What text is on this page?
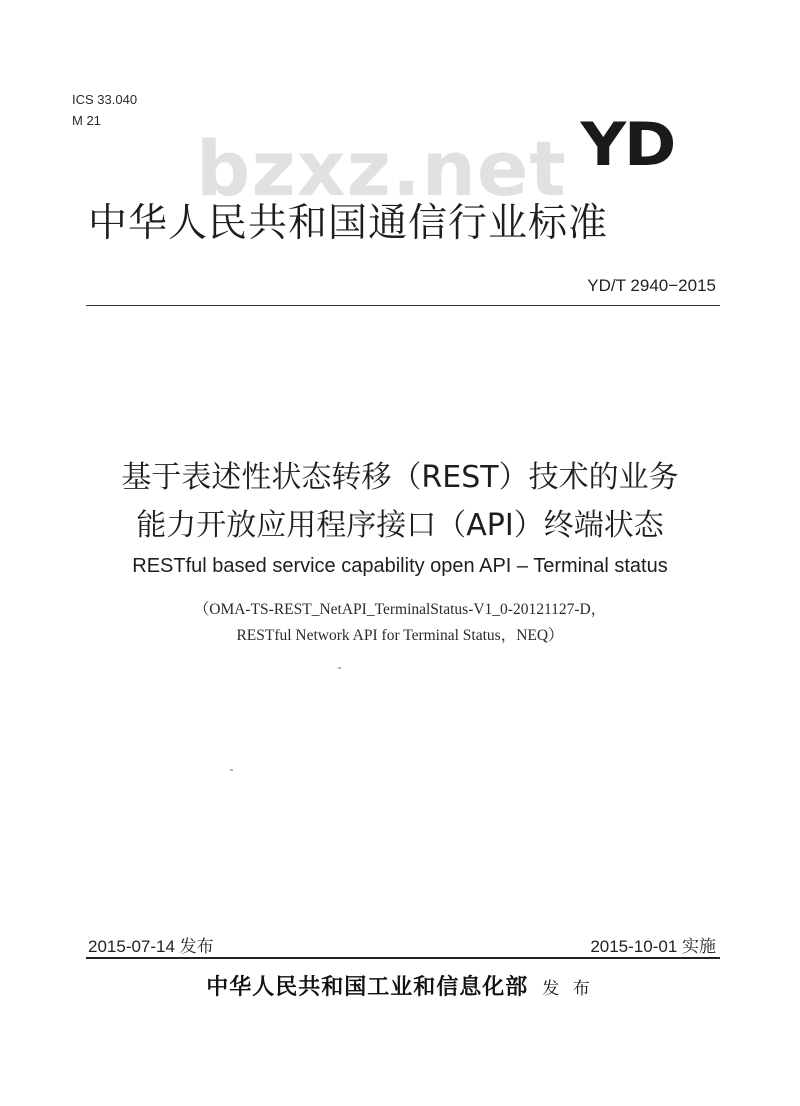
ICS 33.040
M 21
bzxz.net YD
中华人民共和国通信行业标准
YD/T 2940−2015
基于表述性状态转移（REST）技术的业务
能力开放应用程序接口（API）终端状态
RESTful based service capability open API – Terminal status
（OMA-TS-REST_NetAPI_TerminalStatus-V1_0-20121127-D，
RESTful Network API for Terminal Status，NEQ）
2015-07-14 发布	2015-10-01 实施
中华人民共和国工业和信息化部 发 布
